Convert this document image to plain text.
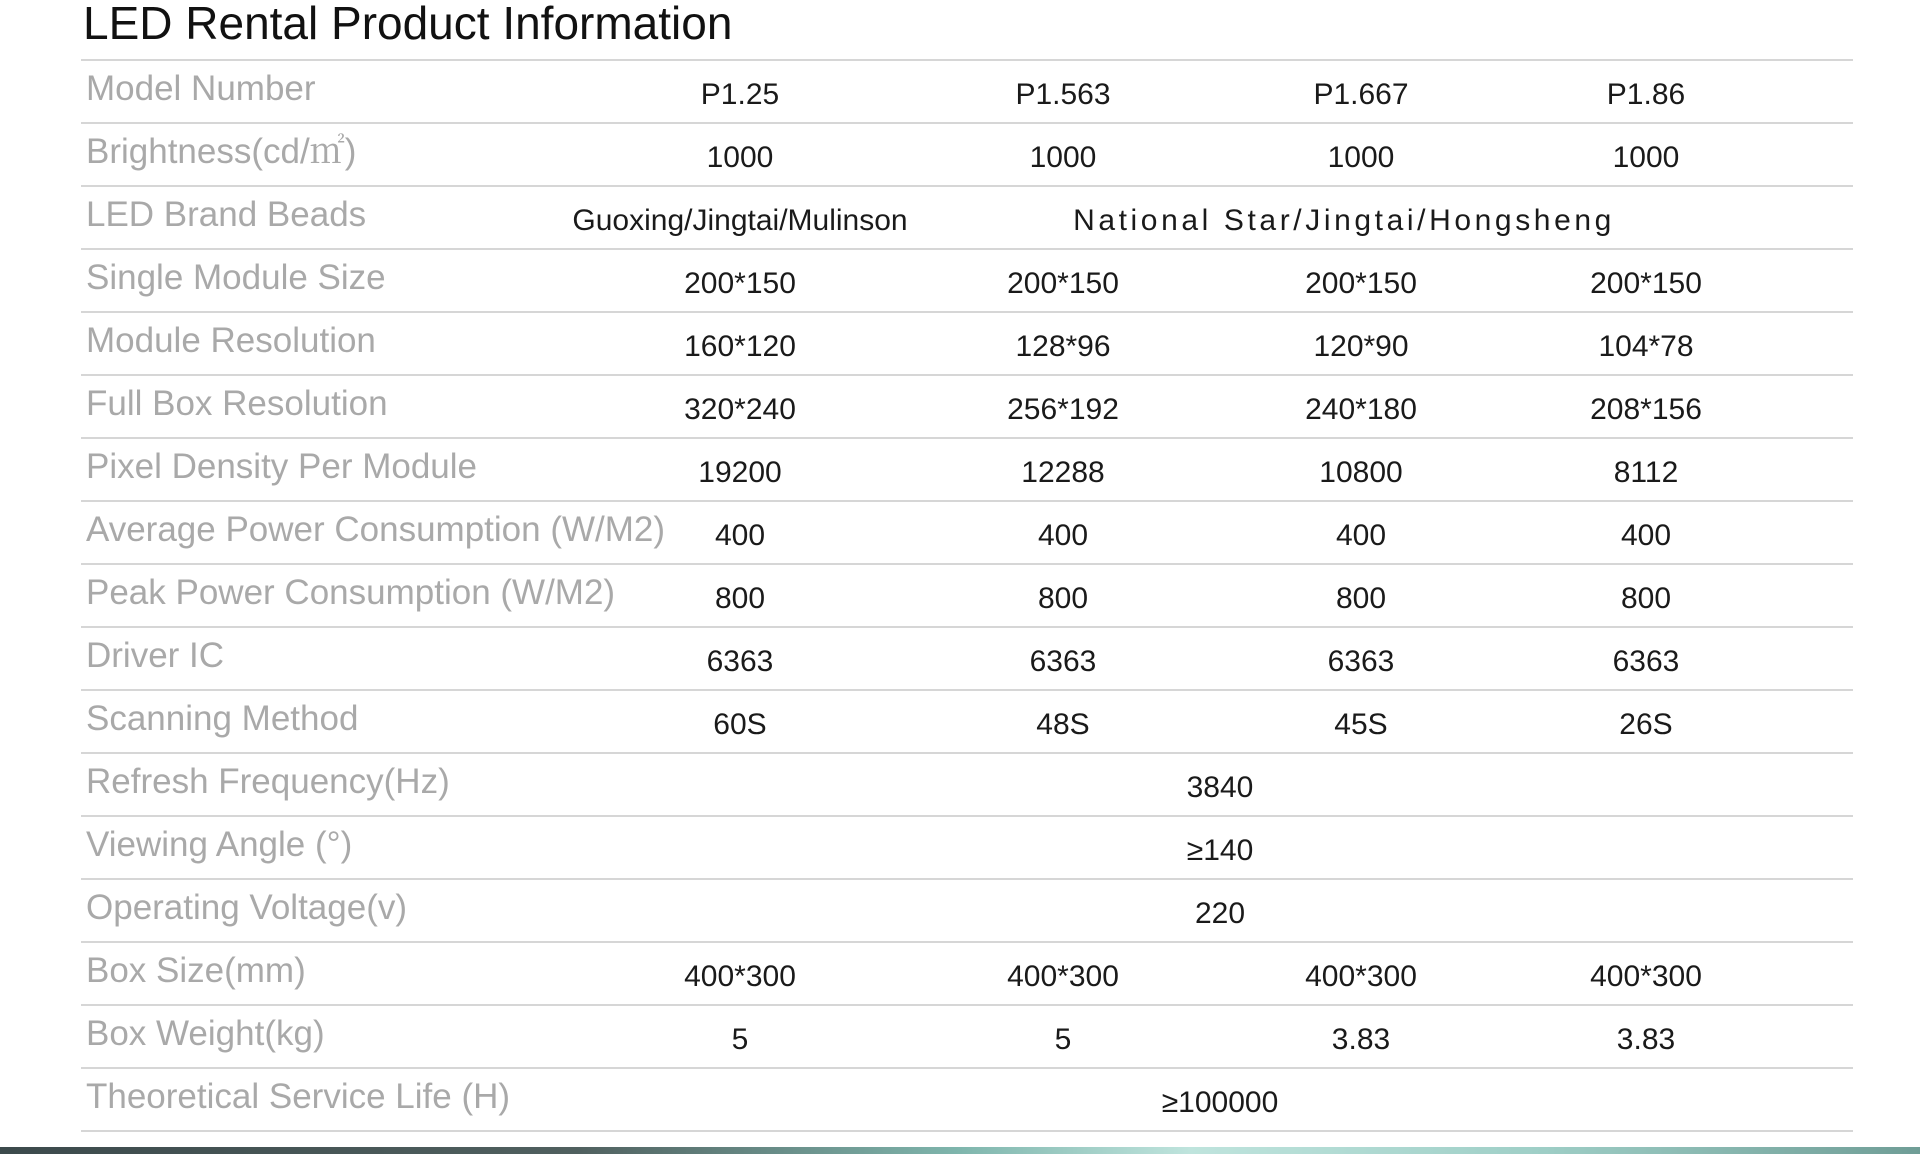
LED Rental Product Information
Model Number	P1.25	P1.563	P1.667	P1.86
Brightness(cd/㎡)	1000	1000	1000	1000
LED Brand Beads	Guoxing/Jingtai/Mulinson	National Star/Jingtai/Hongsheng
Single Module Size	200*150	200*150	200*150	200*150
Module Resolution	160*120	128*96	120*90	104*78
Full Box Resolution	320*240	256*192	240*180	208*156
Pixel Density Per Module	19200	12288	10800	8112
Average Power Consumption (W/M2) 400	400	400	400
Peak Power Consumption (W/M2)	800	800	800	800
Driver IC	6363	6363	6363	6363
Scanning Method	60S	48S	45S	26S
Refresh Frequency(Hz)	3840
Viewing Angle (°)	≥140
Operating Voltage(v)	220
Box Size(mm)	400*300	400*300	400*300	400*300
Box Weight(kg)	5	5	3.83	3.83
Theoretical Service Life (H)	≥100000
